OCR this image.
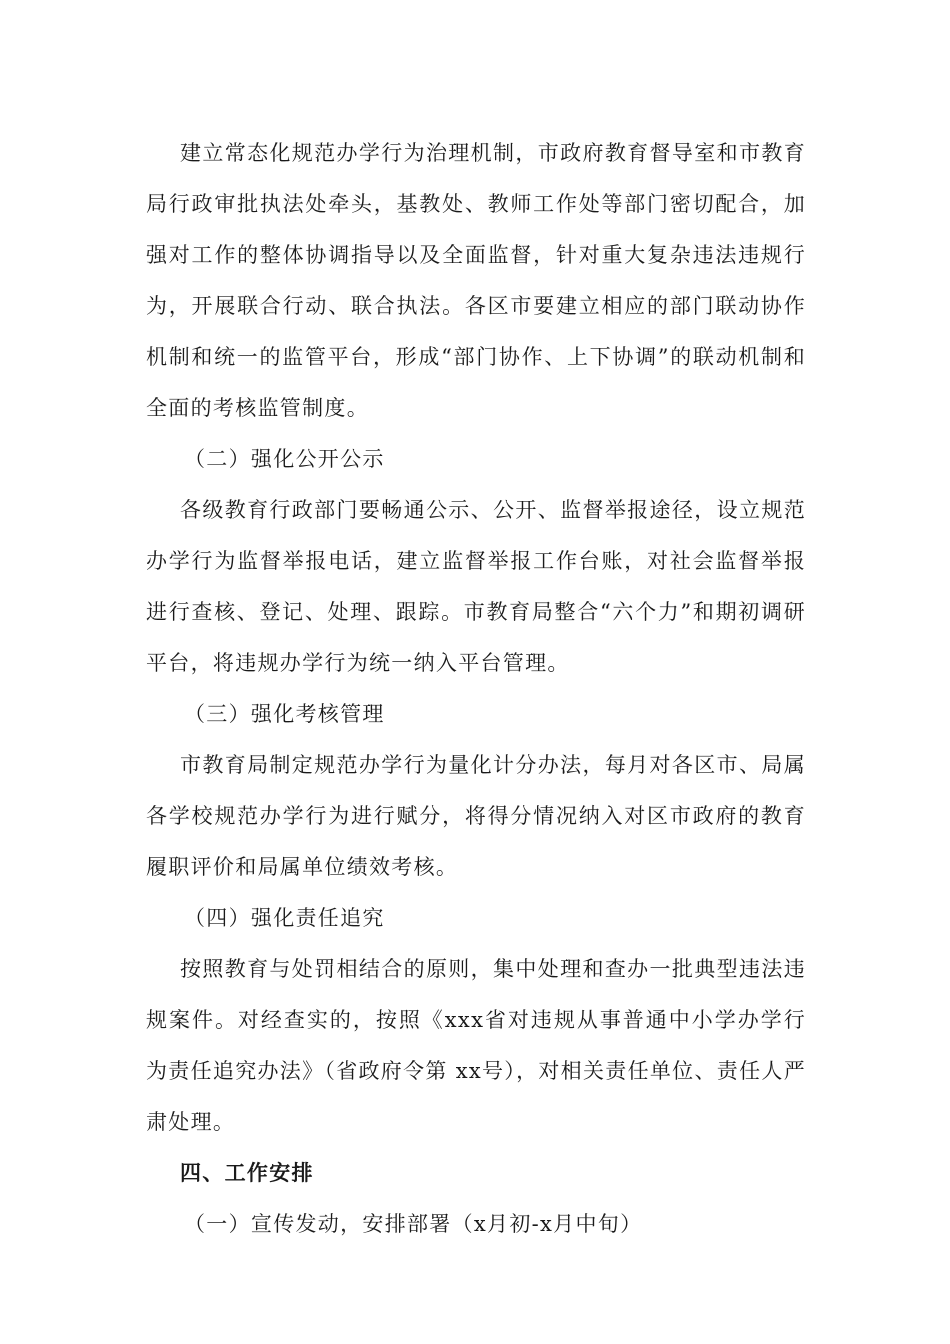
建立常态化规范办学行为治理机制，市政府教育督导室和市教育局行政审批执法处牵头，基教处、教师工作处等部门密切配合，加强对工作的整体协调指导以及全面监督，针对重大复杂违法违规行为，开展联合行动、联合执法。各区市要建立相应的部门联动协作机制和统一的监管平台，形成“部门协作、上下协调”的联动机制和全面的考核监管制度。

（二）强化公开公示

各级教育行政部门要畅通公示、公开、监督举报途径，设立规范办学行为监督举报电话，建立监督举报工作台账，对社会监督举报进行查核、登记、处理、跟踪。市教育局整合“六个力”和期初调研平台，将违规办学行为统一纳入平台管理。

（三）强化考核管理

市教育局制定规范办学行为量化计分办法，每月对各区市、局属各学校规范办学行为进行赋分，将得分情况纳入对区市政府的教育履职评价和局属单位绩效考核。

（四）强化责任追究

按照教育与处罚相结合的原则，集中处理和查办一批典型违法违规案件。对经查实的，按照《xxx省对违规从事普通中小学办学行为责任追究办法》（省政府令第 xx号），对相关责任单位、责任人严肃处理。

四、工作安排

（一）宣传发动，安排部署（x月初-x月中旬）
